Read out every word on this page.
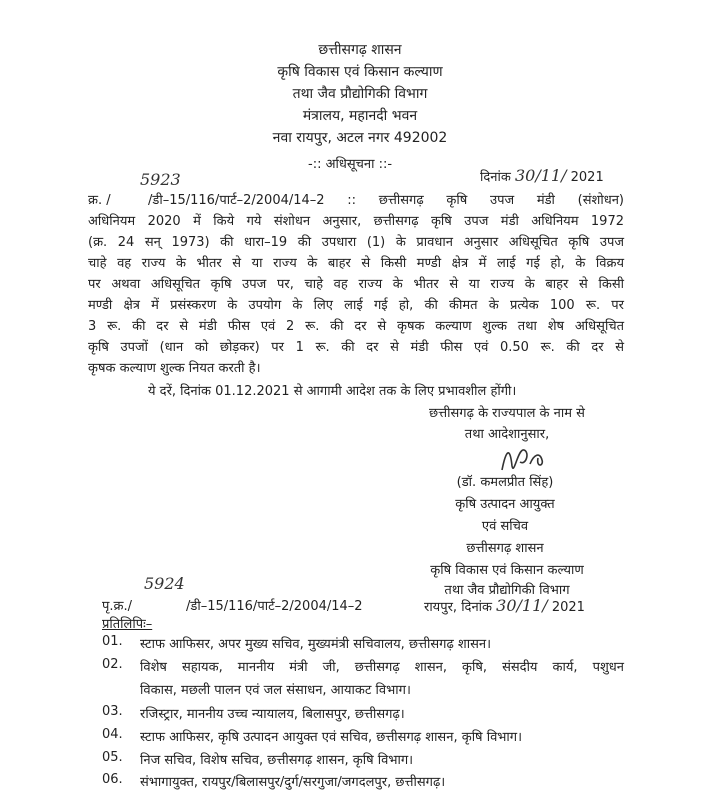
छत्तीसगढ़ शासन
कृषि विकास एवं किसान कल्याण
तथा जैव प्रौद्योगिकी विभाग
मंत्रालय, महानदी भवन
नवा रायपुर, अटल नगर 492002
-:: अधिसूचना ::-
5923	दिनांक 30/11/ 2021
क्र. /	/डी–15/116/पार्ट–2/2004/14–2 :: छत्तीसगढ़ कृषि उपज मंडी (संशोधन)
अधिनियम 2020 में किये गये संशोधन अनुसार, छत्तीसगढ़ कृषि उपज मंडी अधिनियम 1972
(क्र. 24 सन् 1973) की धारा–19 की उपधारा (1) के प्रावधान अनुसार अधिसूचित कृषि उपज
चाहे वह राज्य के भीतर से या राज्य के बाहर से किसी मण्डी क्षेत्र में लाई गई हो, के विक्रय
पर अथवा अधिसूचित कृषि उपज पर, चाहे वह राज्य के भीतर से या राज्य के बाहर से किसी
मण्डी क्षेत्र में प्रसंस्करण के उपयोग के लिए लाई गई हो, की कीमत के प्रत्येक 100 रू. पर
3 रू. की दर से मंडी फीस एवं 2 रू. की दर से कृषक कल्याण शुल्क तथा शेष अधिसूचित
कृषि उपजों (धान को छोड़कर) पर 1 रू. की दर से मंडी फीस एवं 0.50 रू. की दर से
कृषक कल्याण शुल्क नियत करती है।
ये दरें, दिनांक 01.12.2021 से आगामी आदेश तक के लिए प्रभावशील होंगी।
छत्तीसगढ़ के राज्यपाल के नाम से
तथा आदेशानुसार,
(डॉ. कमलप्रीत सिंह)
कृषि उत्पादन आयुक्त
एवं सचिव
छत्तीसगढ़ शासन
कृषि विकास एवं किसान कल्याण
तथा जैव प्रौद्योगिकी विभाग
5924
पृ.क्र./	/डी–15/116/पार्ट–2/2004/14–2	रायपुर, दिनांक 30/11/ 2021
प्रतिलिपिः–
01. स्टाफ आफिसर, अपर मुख्य सचिव, मुख्यमंत्री सचिवालय, छत्तीसगढ़ शासन।
02. विशेष सहायक, माननीय मंत्री जी, छत्तीसगढ़ शासन, कृषि, संसदीय कार्य, पशुधन
विकास, मछली पालन एवं जल संसाधन, आयाकट विभाग।
03. रजिस्ट्रार, माननीय उच्च न्यायालय, बिलासपुर, छत्तीसगढ़।
04. स्टाफ आफिसर, कृषि उत्पादन आयुक्त एवं सचिव, छत्तीसगढ़ शासन, कृषि विभाग।
05. निज सचिव, विशेष सचिव, छत्तीसगढ़ शासन, कृषि विभाग।
06. संभागायुक्त, रायपुर/बिलासपुर/दुर्ग/सरगुजा/जगदलपुर, छत्तीसगढ़।
